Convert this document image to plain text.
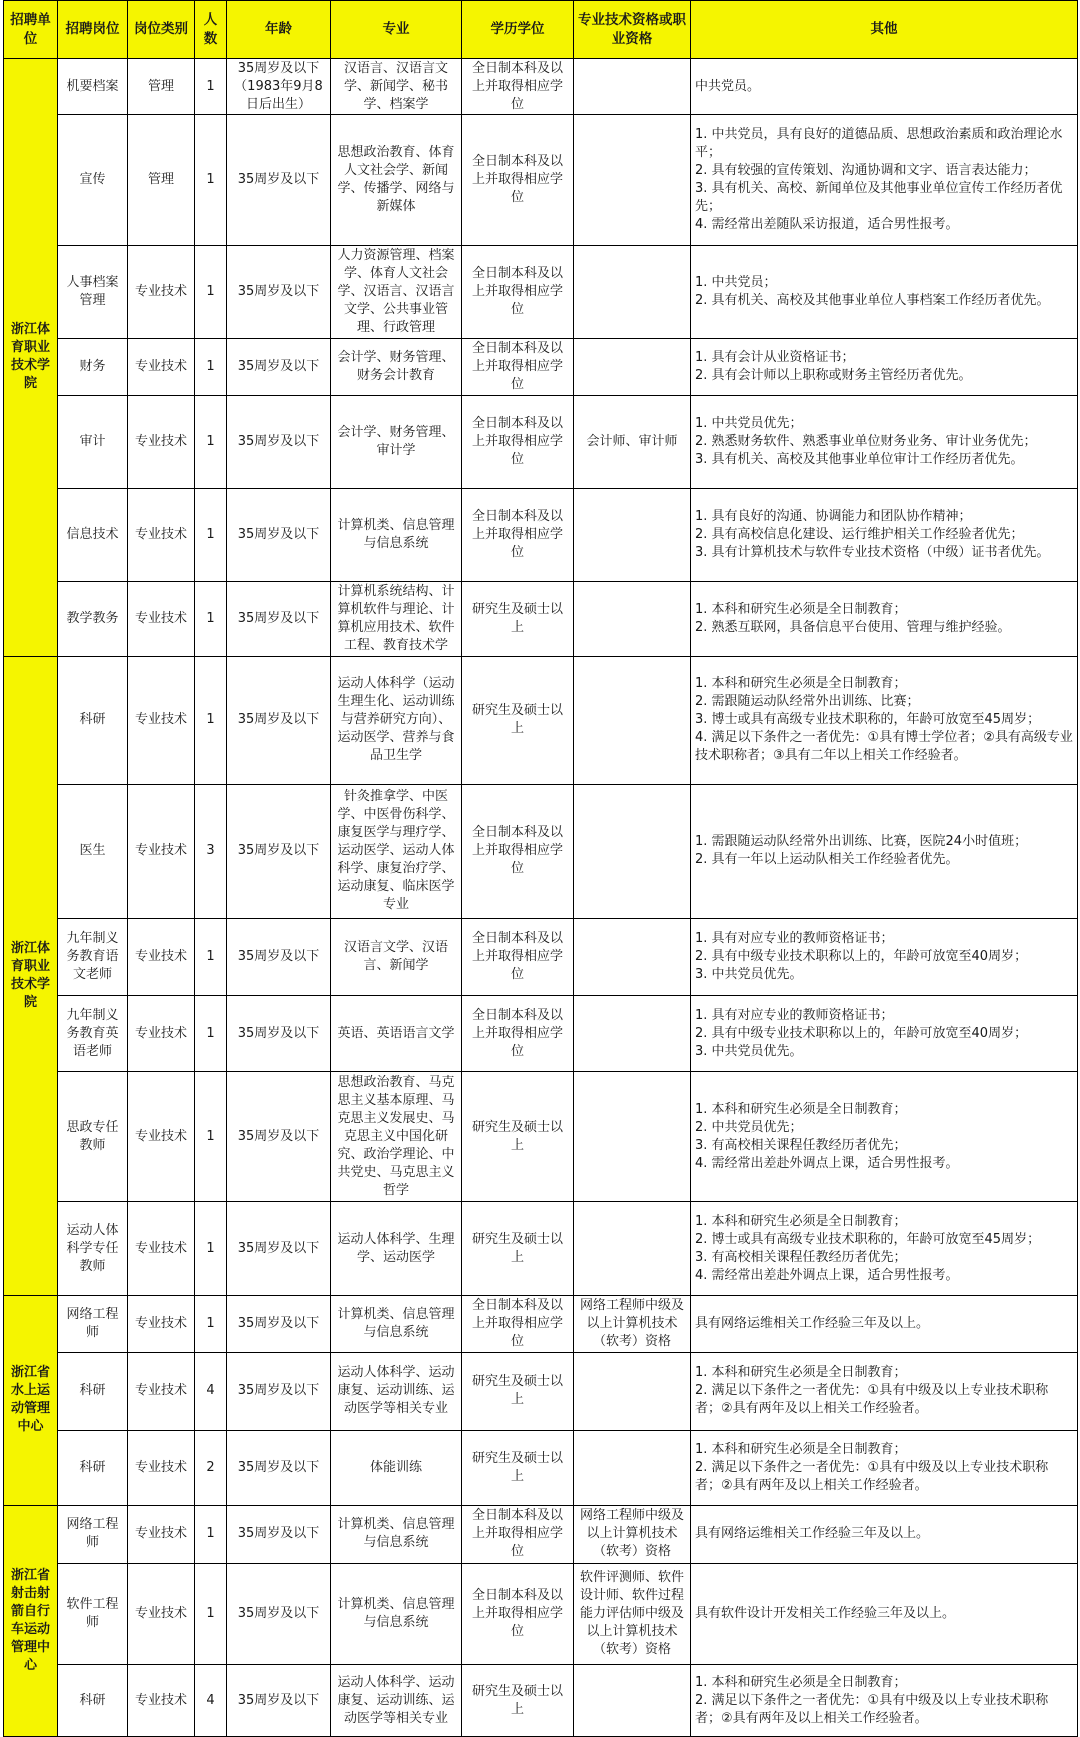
招聘单位	招聘岗位	岗位类别	人数	年龄	专业	学历学位	专业技术资格或职业资格	其他
浙江体育职业技术学院	机要档案	管理	1	35周岁及以下（1983年9月8日后出生）	汉语言、汉语言文学、新闻学、秘书学、档案学	全日制本科及以上并取得相应学位		中共党员。
	宣传	管理	1	35周岁及以下	思想政治教育、体育人文社会学、新闻学、传播学、网络与新媒体	全日制本科及以上并取得相应学位		1. 中共党员，具有良好的道德品质、思想政治素质和政治理论水平；
2. 具有较强的宣传策划、沟通协调和文字、语言表达能力；
3. 具有机关、高校、新闻单位及其他事业单位宣传工作经历者优先；
4. 需经常出差随队采访报道，适合男性报考。
	人事档案管理	专业技术	1	35周岁及以下	人力资源管理、档案学、体育人文社会学、汉语言、汉语言文学、公共事业管理、行政管理	全日制本科及以上并取得相应学位		1. 中共党员；
2. 具有机关、高校及其他事业单位人事档案工作经历者优先。
	财务	专业技术	1	35周岁及以下	会计学、财务管理、财务会计教育	全日制本科及以上并取得相应学位		1. 具有会计从业资格证书；
2. 具有会计师以上职称或财务主管经历者优先。
	审计	专业技术	1	35周岁及以下	会计学、财务管理、审计学	全日制本科及以上并取得相应学位	会计师、审计师	1. 中共党员优先；
2. 熟悉财务软件、熟悉事业单位财务业务、审计业务优先；
3. 具有机关、高校及其他事业单位审计工作经历者优先。
	信息技术	专业技术	1	35周岁及以下	计算机类、信息管理与信息系统	全日制本科及以上并取得相应学位		1. 具有良好的沟通、协调能力和团队协作精神；
2. 具有高校信息化建设、运行维护相关工作经验者优先；
3. 具有计算机技术与软件专业技术资格（中级）证书者优先。
	教学教务	专业技术	1	35周岁及以下	计算机系统结构、计算机软件与理论、计算机应用技术、软件工程、教育技术学	研究生及硕士以上		1. 本科和研究生必须是全日制教育；
2. 熟悉互联网，具备信息平台使用、管理与维护经验。
浙江体育职业技术学院	科研	专业技术	1	35周岁及以下	运动人体科学（运动生理生化、运动训练与营养研究方向）、运动医学、营养与食品卫生学	研究生及硕士以上		1. 本科和研究生必须是全日制教育；
2. 需跟随运动队经常外出训练、比赛；
3. 博士或具有高级专业技术职称的，年龄可放宽至45周岁；
4. 满足以下条件之一者优先：①具有博士学位者；②具有高级专业技术职称者；③具有二年以上相关工作经验者。
	医生	专业技术	3	35周岁及以下	针灸推拿学、中医学、中医骨伤科学、康复医学与理疗学、运动医学、运动人体科学、康复治疗学、运动康复、临床医学专业	全日制本科及以上并取得相应学位		1. 需跟随运动队经常外出训练、比赛，医院24小时值班；
2. 具有一年以上运动队相关工作经验者优先。
	九年制义务教育语文老师	专业技术	1	35周岁及以下	汉语言文学、汉语言、新闻学	全日制本科及以上并取得相应学位		1. 具有对应专业的教师资格证书；
2. 具有中级专业技术职称以上的，年龄可放宽至40周岁；
3. 中共党员优先。
	九年制义务教育英语老师	专业技术	1	35周岁及以下	英语、英语语言文学	全日制本科及以上并取得相应学位		1. 具有对应专业的教师资格证书；
2. 具有中级专业技术职称以上的，年龄可放宽至40周岁；
3. 中共党员优先。
	思政专任教师	专业技术	1	35周岁及以下	思想政治教育、马克思主义基本原理、马克思主义发展史、马克思主义中国化研究、政治学理论、中共党史、马克思主义哲学	研究生及硕士以上		1. 本科和研究生必须是全日制教育；
2. 中共党员优先；
3. 有高校相关课程任教经历者优先；
4. 需经常出差赴外调点上课，适合男性报考。
	运动人体科学专任教师	专业技术	1	35周岁及以下	运动人体科学、生理学、运动医学	研究生及硕士以上		1. 本科和研究生必须是全日制教育；
2. 博士或具有高级专业技术职称的，年龄可放宽至45周岁；
3. 有高校相关课程任教经历者优先；
4. 需经常出差赴外调点上课，适合男性报考。
浙江省水上运动管理中心	网络工程师	专业技术	1	35周岁及以下	计算机类、信息管理与信息系统	全日制本科及以上并取得相应学位	网络工程师中级及以上计算机技术（软考）资格	具有网络运维相关工作经验三年及以上。
	科研	专业技术	4	35周岁及以下	运动人体科学、运动康复、运动训练、运动医学等相关专业	研究生及硕士以上		1. 本科和研究生必须是全日制教育；
2. 满足以下条件之一者优先：①具有中级及以上专业技术职称者；②具有两年及以上相关工作经验者。
	科研	专业技术	2	35周岁及以下	体能训练	研究生及硕士以上		1. 本科和研究生必须是全日制教育；
2. 满足以下条件之一者优先：①具有中级及以上专业技术职称者；②具有两年及以上相关工作经验者。
浙江省射击射箭自行车运动管理中心	网络工程师	专业技术	1	35周岁及以下	计算机类、信息管理与信息系统	全日制本科及以上并取得相应学位	网络工程师中级及以上计算机技术（软考）资格	具有网络运维相关工作经验三年及以上。
	软件工程师	专业技术	1	35周岁及以下	计算机类、信息管理与信息系统	全日制本科及以上并取得相应学位	软件评测师、软件设计师、软件过程能力评估师中级及以上计算机技术（软考）资格	具有软件设计开发相关工作经验三年及以上。
	科研	专业技术	4	35周岁及以下	运动人体科学、运动康复、运动训练、运动医学等相关专业	研究生及硕士以上		1. 本科和研究生必须是全日制教育；
2. 满足以下条件之一者优先：①具有中级及以上专业技术职称者；②具有两年及以上相关工作经验者。
